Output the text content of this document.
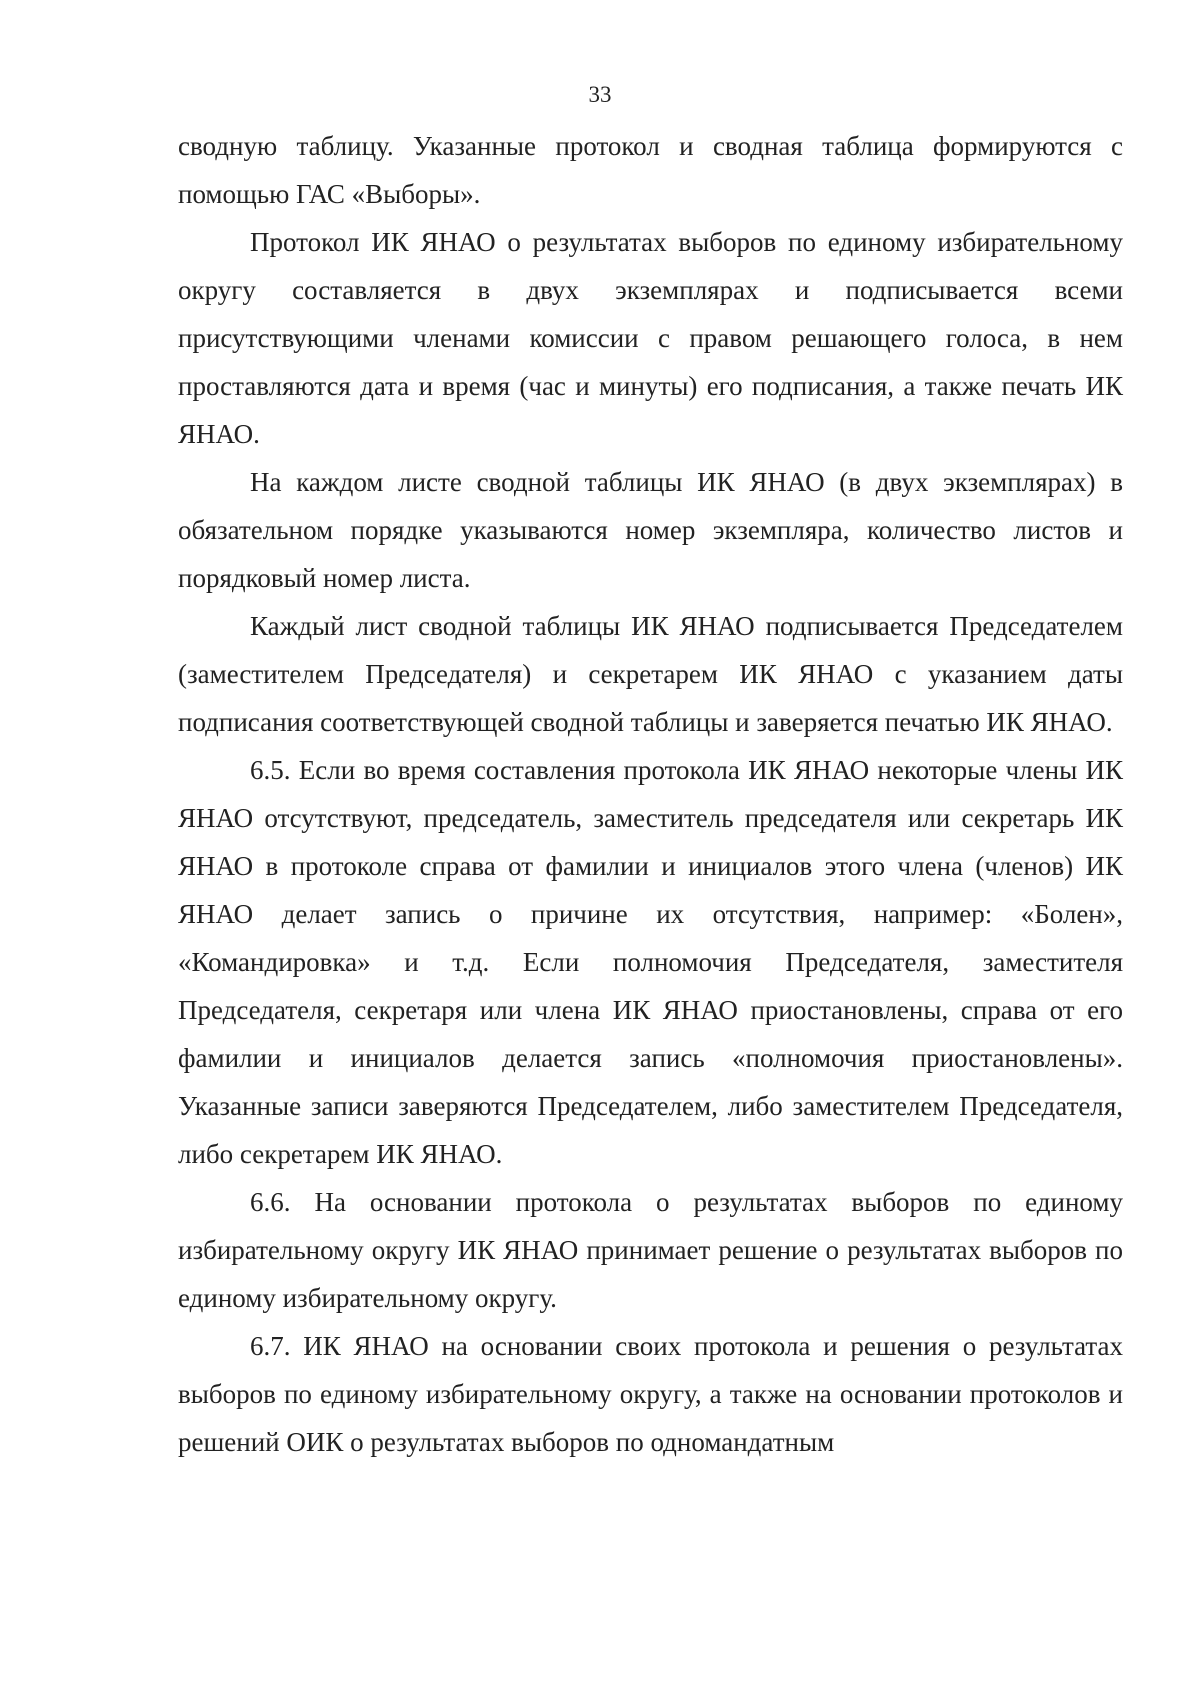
33

сводную таблицу. Указанные протокол и сводная таблица формируются с помощью ГАС «Выборы».

Протокол ИК ЯНАО о результатах выборов по единому избирательному округу составляется в двух экземплярах и подписывается всеми присутствующими членами комиссии с правом решающего голоса, в нем проставляются дата и время (час и минуты) его подписания, а также печать ИК ЯНАО.

На каждом листе сводной таблицы ИК ЯНАО (в двух экземплярах) в обязательном порядке указываются номер экземпляра, количество листов и порядковый номер листа.

Каждый лист сводной таблицы ИК ЯНАО подписывается Председателем (заместителем Председателя) и секретарем ИК ЯНАО с указанием даты подписания соответствующей сводной таблицы и заверяется печатью ИК ЯНАО.

6.5. Если во время составления протокола ИК ЯНАО некоторые члены ИК ЯНАО отсутствуют, председатель, заместитель председателя или секретарь ИК ЯНАО в протоколе справа от фамилии и инициалов этого члена (членов) ИК ЯНАО делает запись о причине их отсутствия, например: «Болен», «Командировка» и т.д. Если полномочия Председателя, заместителя Председателя, секретаря или члена ИК ЯНАО приостановлены, справа от его фамилии и инициалов делается запись «полномочия приостановлены». Указанные записи заверяются Председателем, либо заместителем Председателя, либо секретарем ИК ЯНАО.

6.6. На основании протокола о результатах выборов по единому избирательному округу ИК ЯНАО принимает решение о результатах выборов по единому избирательному округу.

6.7. ИК ЯНАО на основании своих протокола и решения о результатах выборов по единому избирательному округу, а также на основании протоколов и решений ОИК о результатах выборов по одномандатным
